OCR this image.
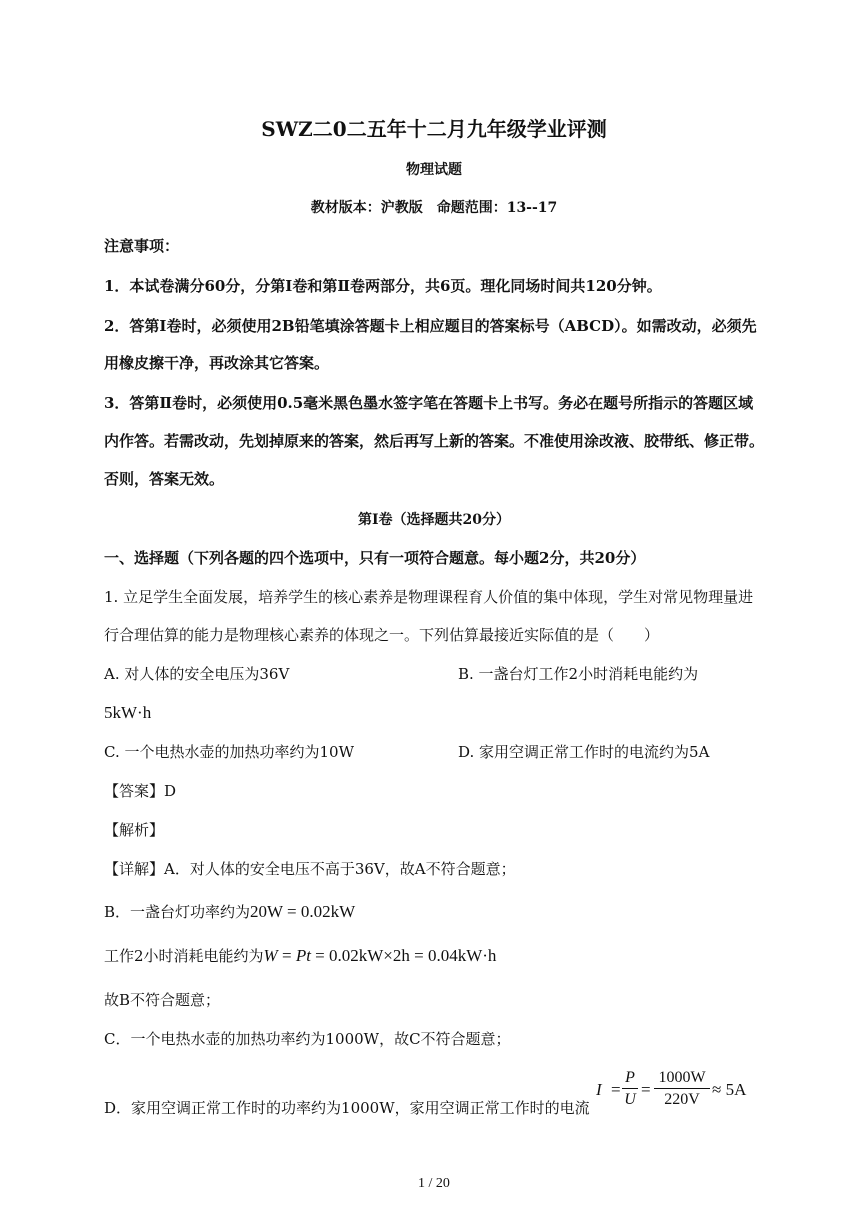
SWZ二0二五年十二月九年级学业评测
物理试题
教材版本：沪教版　命题范围：13--17
注意事项：
1．本试卷满分60分，分第Ⅰ卷和第Ⅱ卷两部分，共6页。理化同场时间共120分钟。
2．答第Ⅰ卷时，必须使用2B铅笔填涂答题卡上相应题目的答案标号（ABCD）。如需改动，必须先
用橡皮擦干净，再改涂其它答案。
3．答第Ⅱ卷时，必须使用0.5毫米黑色墨水签字笔在答题卡上书写。务必在题号所指示的答题区域
内作答。若需改动，先划掉原来的答案，然后再写上新的答案。不准使用涂改液、胶带纸、修正带。
否则，答案无效。
第Ⅰ卷（选择题共20分）
一、选择题（下列各题的四个选项中，只有一项符合题意。每小题2分，共20分）
1. 立足学生全面发展，培养学生的核心素养是物理课程育人价值的集中体现，学生对常见物理量进
行合理估算的能力是物理核心素养的体现之一。下列估算最接近实际值的是（　　）
A. 对人体的安全电压为36V	B. 一盏台灯工作2小时消耗电能约为
5kW·h
C. 一个电热水壶的加热功率约为10W	D. 家用空调正常工作时的电流约为5A
【答案】D
【解析】
【详解】A．对人体的安全电压不高于36V，故A不符合题意；
B．一盏台灯功率约为20W = 0.02kW
工作2小时消耗电能约为W = Pt = 0.02kW×2h = 0.04kW·h
故B不符合题意；
C．一个电热水壶的加热功率约为1000W，故C不符合题意；
D．家用空调正常工作时的功率约为1000W，家用空调正常工作时的电流
I =
P
U
=
1000W
220V
≈ 5A
1 / 20
